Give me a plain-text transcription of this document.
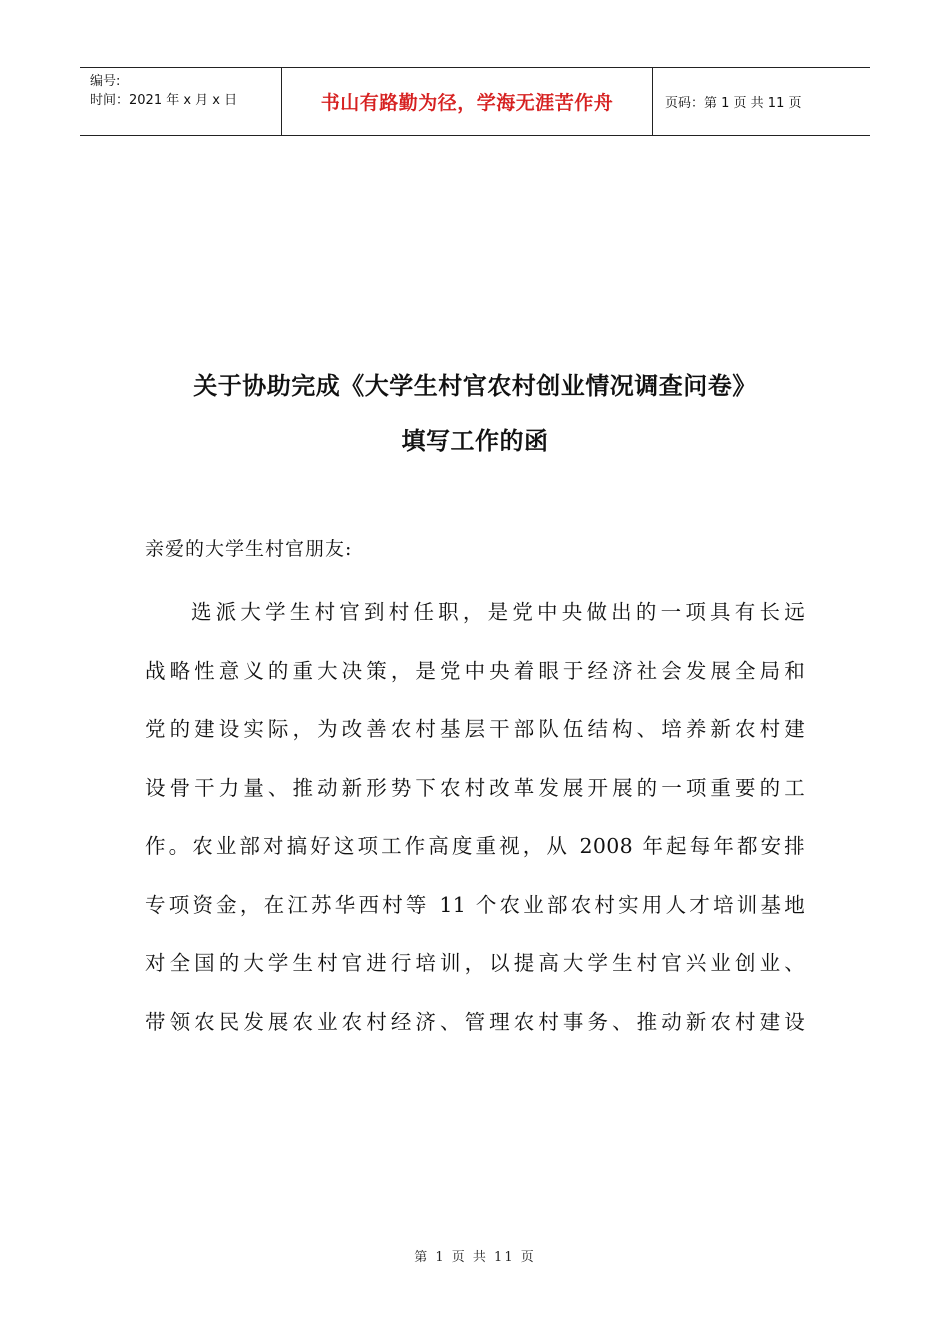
编号:
时间：2021 年 x 月 x 日	书山有路勤为径，学海无涯苦作舟	页码：第 1 页 共 11 页
关于协助完成《大学生村官农村创业情况调查问卷》
填写工作的函
亲爱的大学生村官朋友:
选派大学生村官到村任职，是党中央做出的一项具有长远
战略性意义的重大决策，是党中央着眼于经济社会发展全局和
党的建设实际，为改善农村基层干部队伍结构、培养新农村建
设骨干力量、推动新形势下农村改革发展开展的一项重要的工
作。农业部对搞好这项工作高度重视，从 2008 年起每年都安排
专项资金，在江苏华西村等 11 个农业部农村实用人才培训基地
对全国的大学生村官进行培训，以提高大学生村官兴业创业、
带领农民发展农业农村经济、管理农村事务、推动新农村建设
第 1 页 共 11 页
